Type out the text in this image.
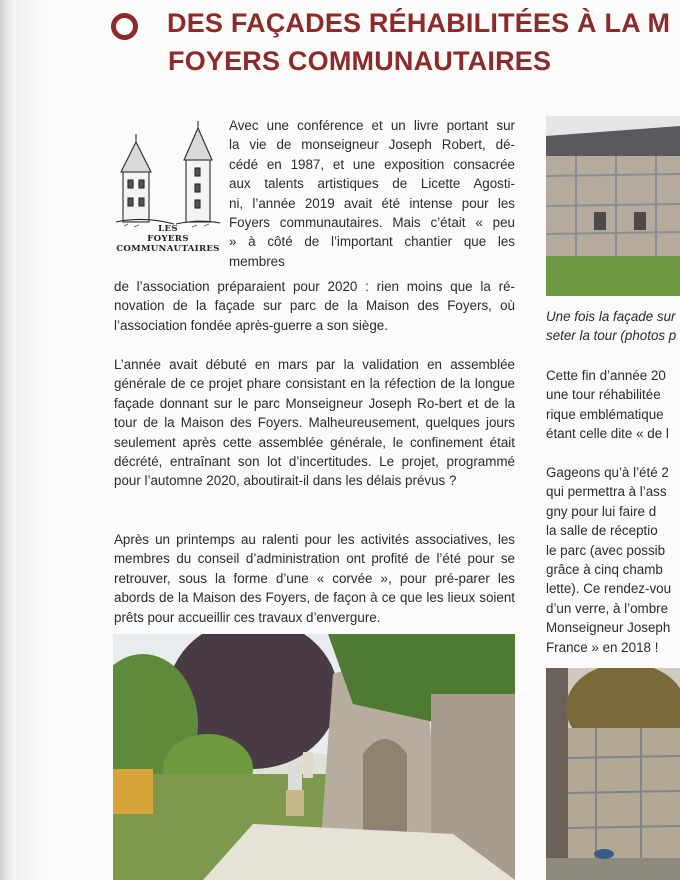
DES FAÇADES RÉHABILITÉES À LA M
FOYERS COMMUNAUTAIRES
LES
FOYERS
COMMUNAUTAIRES
Avec une conférence et un livre portant sur
la vie de monseigneur Joseph Robert, dé-
cédé en 1987, et une exposition consacrée
aux talents artistiques de Licette Agosti-
ni, l’année 2019 avait été intense pour les
Foyers communautaires. Mais c’était « peu
» à côté de l’important chantier que les
membres

de l’association préparaient pour 2020 : rien moins que la ré-novation de la façade sur parc de la Maison des Foyers, où l’association fondée après-guerre a son siège.

L’année avait débuté en mars par la validation en assemblée générale de ce projet phare consistant en la réfection de la longue façade donnant sur le parc Monseigneur Joseph Ro-bert et de la tour de la Maison des Foyers. Malheureusement, quelques jours seulement après cette assemblée générale, le confinement était décrété, entraînant son lot d’incertitudes. Le projet, programmé pour l’automne 2020, aboutirait-il dans les délais prévus ?

Après un printemps au ralenti pour les activités associatives, les membres du conseil d’administration ont profité de l’été pour se retrouver, sous la forme d’une « corvée », pour pré-parer les abords de la Maison des Foyers, de façon à ce que les lieux soient prêts pour accueillir ces travaux d’envergure.

Une fois la façade sur
seter la tour (photos p
Cette fin d’année 20
une tour réhabilitée
rique emblématique
étant celle dite « de l
Gageons qu’à l’été 2
qui permettra à l’ass
gny pour lui faire d
la salle de réceptio
le parc (avec possib
grâce à cinq chamb
lette). Ce rendez-vou
d’un verre, à l’ombre
Monseigneur Joseph
France » en 2018 !
